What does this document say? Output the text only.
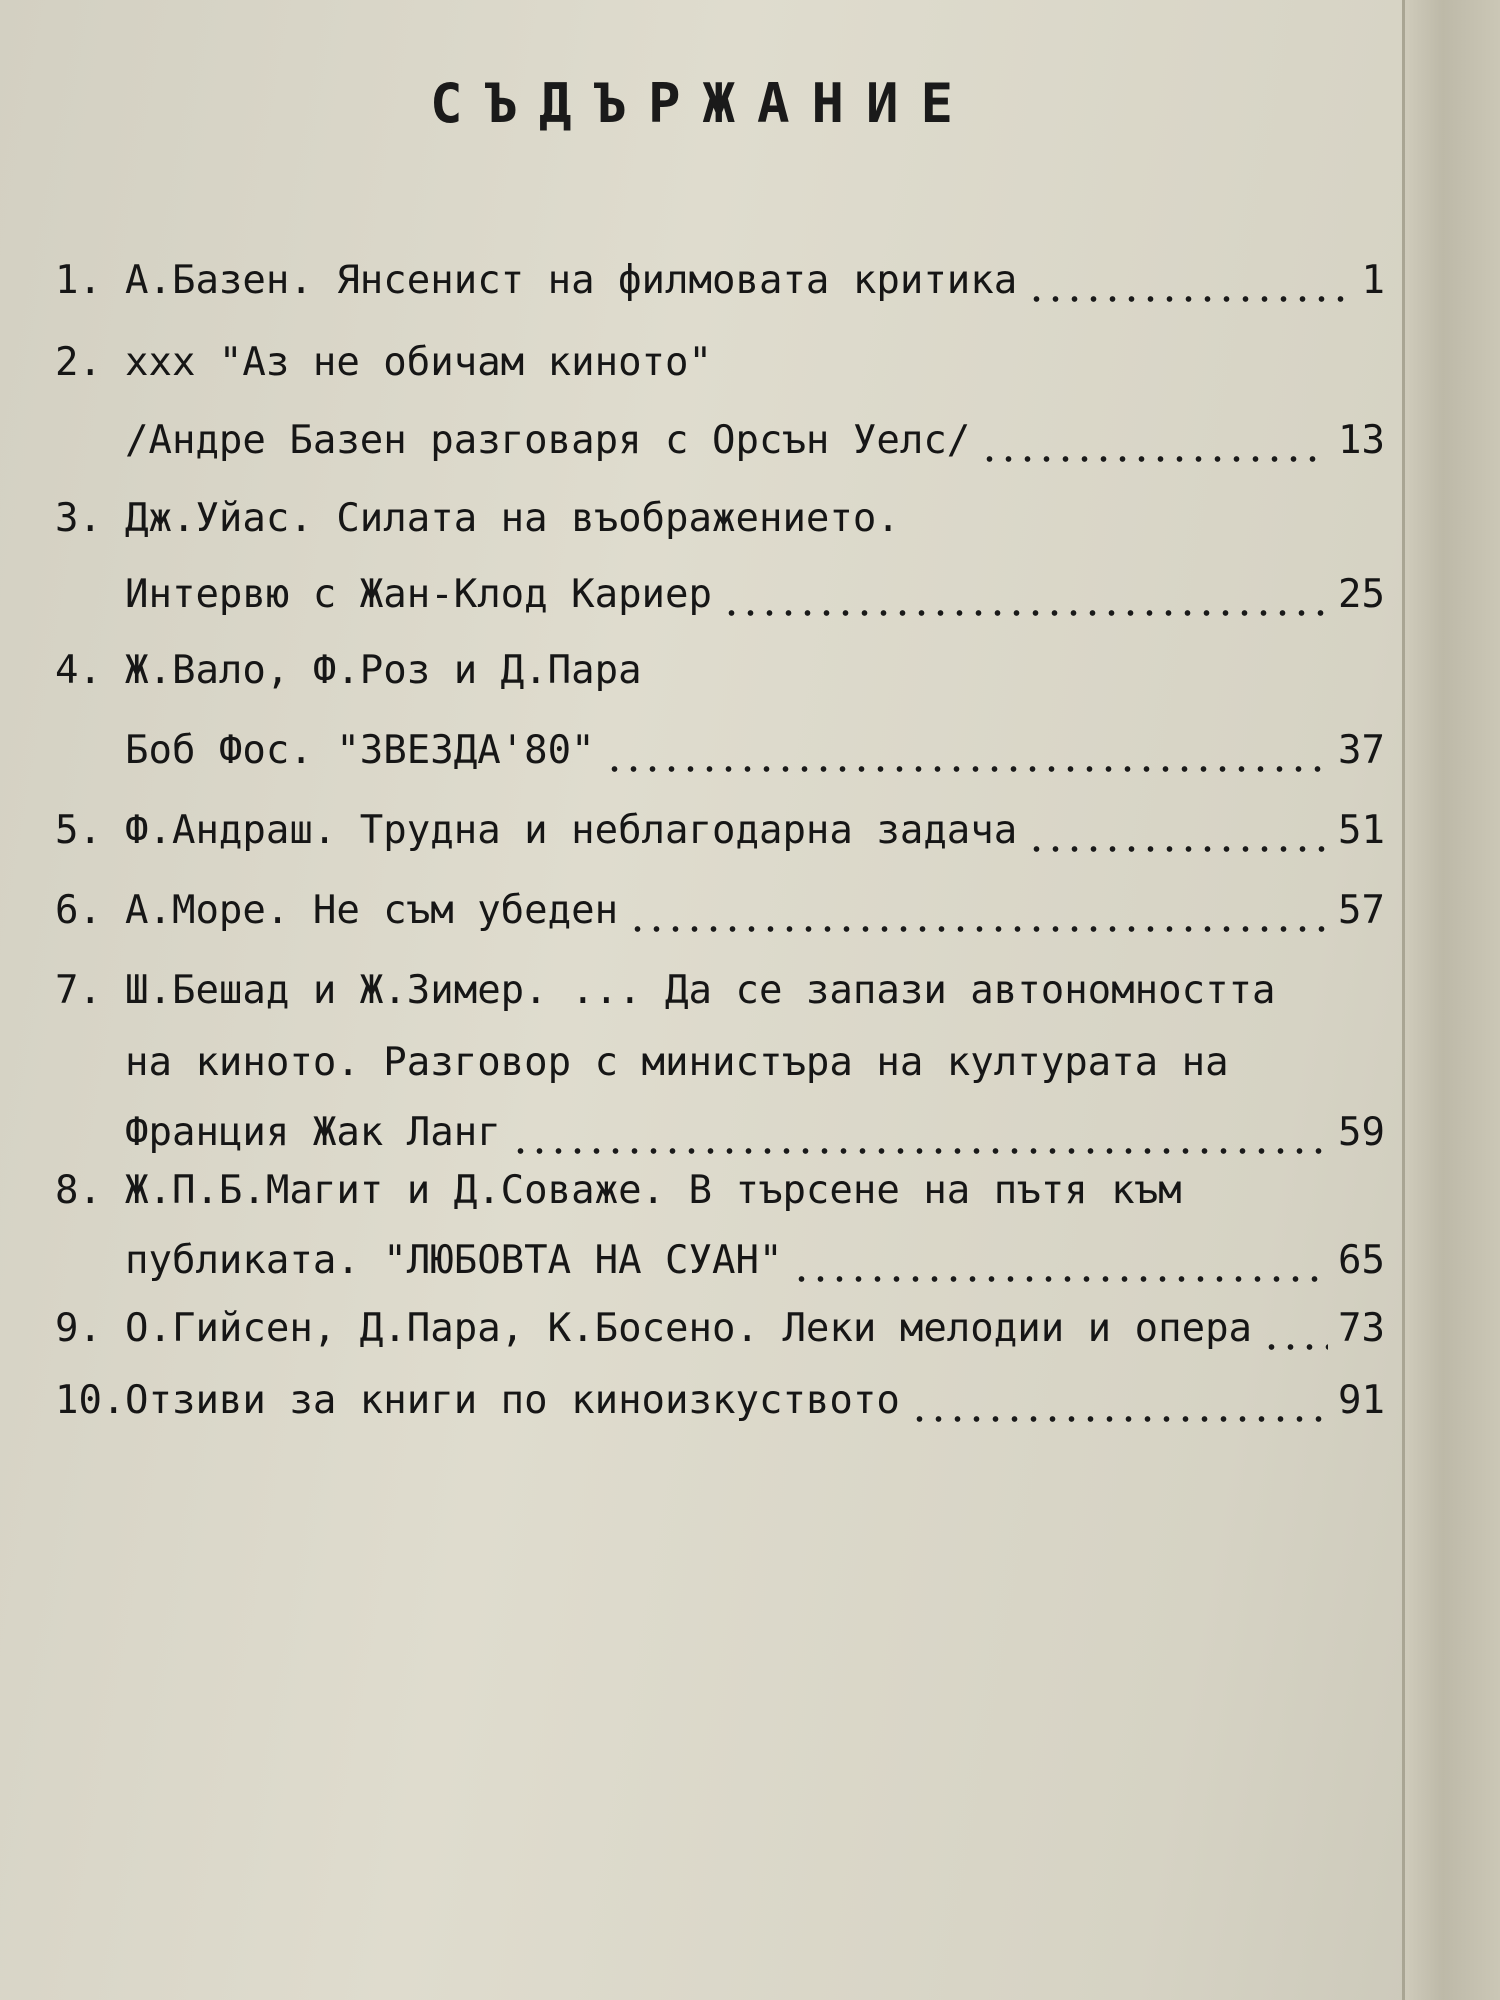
СЪДЪРЖАНИЕ
1. А.Базен. Янсенист на филмовата критика	1
2. ххх "Аз не обичам киното"
/Андре Базен разговаря с Орсън Уелс/	13
3. Дж.Уйас. Силата на въображението.
Интервю с Жан-Клод Кариер	25
4. Ж.Вало, Ф.Роз и Д.Пара
Боб Фос. "ЗВЕЗДА'80"	37
5. Ф.Андраш. Трудна и неблагодарна задача	51
6. А.Море. Не съм убеден	57
7. Ш.Бешад и Ж.Зимер. ... Да се запази автономността
на киното. Разговор с министъра на културата на
Франция Жак Ланг	59
8. Ж.П.Б.Магит и Д.Соваже. В търсене на пътя към
публиката. "ЛЮБОВТА НА СУАН"	65
9. О.Гийсен, Д.Пара, К.Босено. Леки мелодии и опера 73
10. Отзиви за книги по киноизкуството	91
